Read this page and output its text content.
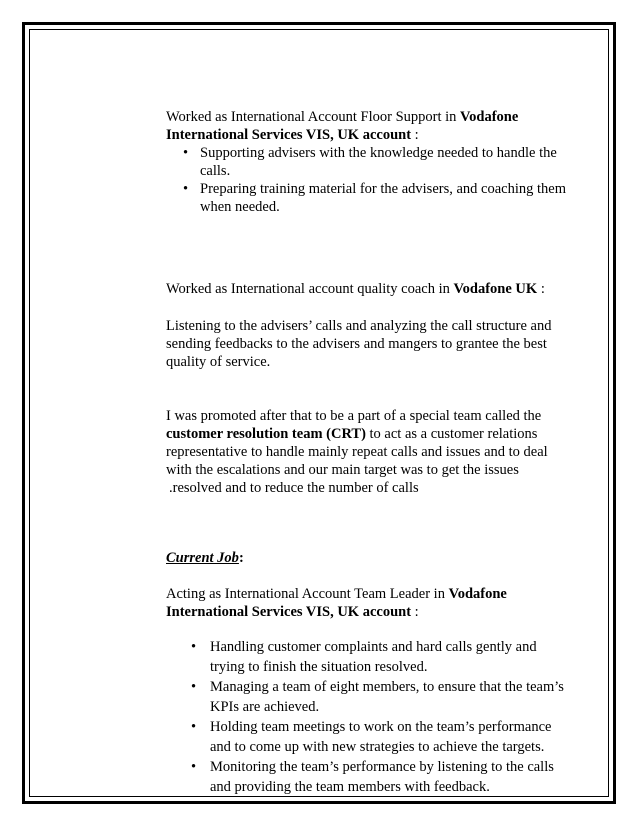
Worked as International Account Floor Support in Vodafone International Services VIS, UK account :

• Supporting advisers with the knowledge needed to handle the calls.
• Preparing training material for the advisers, and coaching them when needed.

Worked as International account quality coach in Vodafone UK :

Listening to the advisers’ calls and analyzing the call structure and sending feedbacks to the advisers and mangers to grantee the best quality of service.

I was promoted after that to be a part of a special team called the customer resolution team (CRT) to act as a customer relations representative to handle mainly repeat calls and issues and to deal with the escalations and our main target was to get the issues

.resolved and to reduce the number of calls

Current Job:

Acting as International Account Team Leader in Vodafone International Services VIS, UK account :

• Handling customer complaints and hard calls gently and trying to finish the situation resolved.
• Managing a team of eight members, to ensure that the team’s KPIs are achieved.
• Holding team meetings to work on the team’s performance and to come up with new strategies to achieve the targets.
• Monitoring the team’s performance by listening to the calls and providing the team members with feedback.
